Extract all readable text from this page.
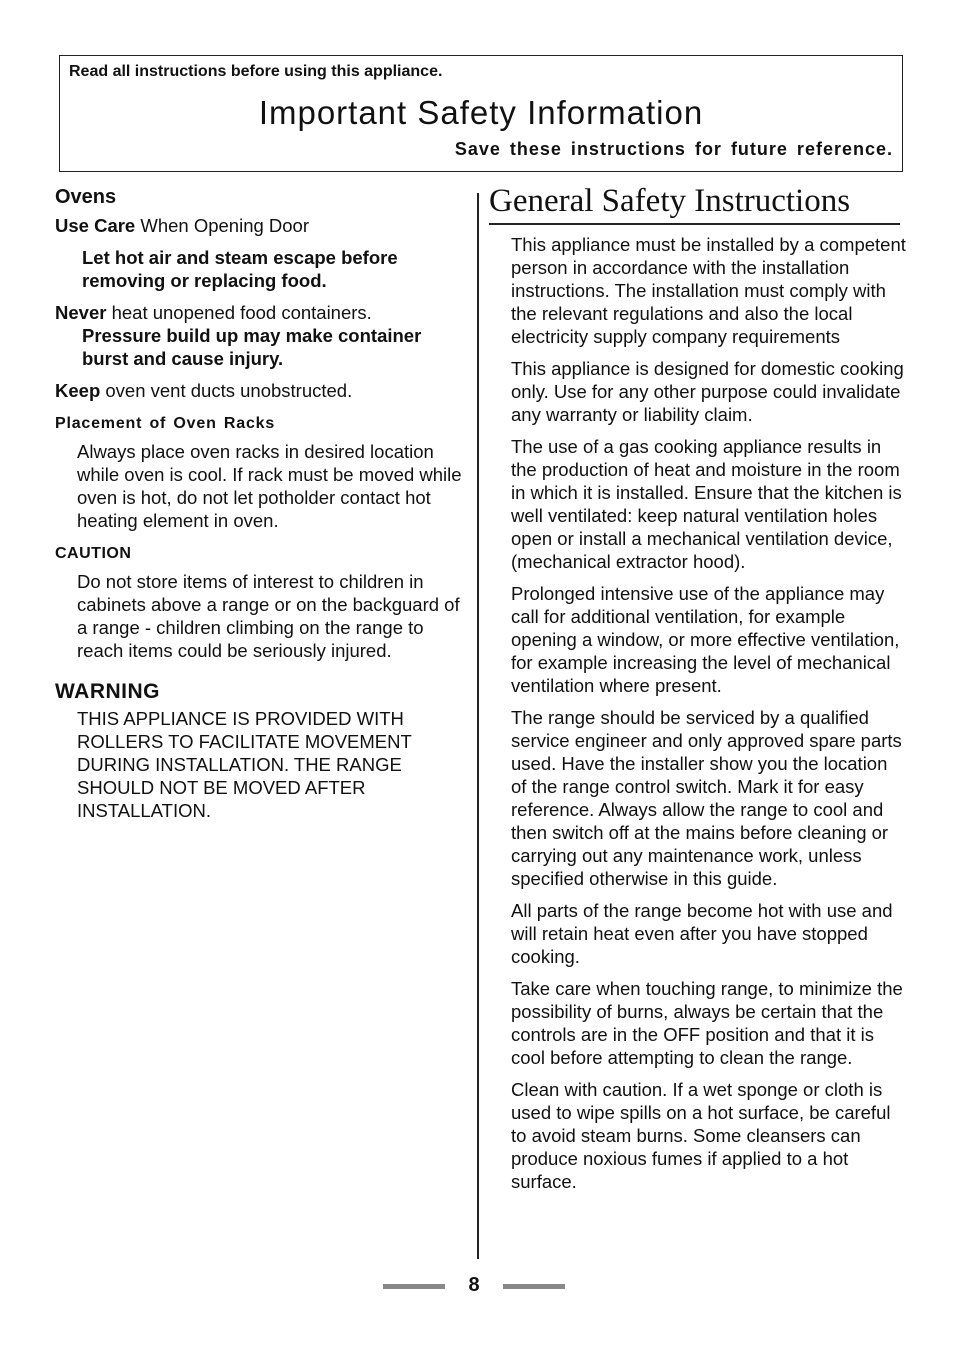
Read all instructions before using this appliance.
Important Safety Information
Save these instructions for future reference.

Ovens

Use Care When Opening Door

Let hot air and steam escape before removing or replacing food.

Never heat unopened food containers.

Pressure build up may make container burst and cause injury.

Keep oven vent ducts unobstructed.

Placement of Oven Racks

Always place oven racks in desired location while oven is cool. If rack must be moved while oven is hot, do not let potholder contact hot heating element in oven.

CAUTION

Do not store items of interest to children in cabinets above a range or on the backguard of a range - children climbing on the range to reach items could be seriously injured.

WARNING

THIS APPLIANCE IS PROVIDED WITH ROLLERS TO FACILITATE MOVEMENT DURING INSTALLATION. THE RANGE SHOULD NOT BE MOVED AFTER INSTALLATION.

General Safety Instructions

This appliance must be installed by a competent person in accordance with the installation instructions. The installation must comply with the relevant regulations and also the local electricity supply company requirements

This appliance is designed for domestic cooking only. Use for any other purpose could invalidate any warranty or liability claim.

The use of a gas cooking appliance results in the production of heat and moisture in the room in which it is installed. Ensure that the kitchen is well ventilated: keep natural ventilation holes open or install a mechanical ventilation device, (mechanical extractor hood).

Prolonged intensive use of the appliance may call for additional ventilation, for example opening a window, or more effective ventilation, for example increasing the level of mechanical ventilation where present.

The range should be serviced by a qualified service engineer and only approved spare parts used. Have the installer show you the location of the range control switch. Mark it for easy reference. Always allow the range to cool and then switch off at the mains before cleaning or carrying out any maintenance work, unless specified otherwise in this guide.

All parts of the range become hot with use and will retain heat even after you have stopped cooking.

Take care when touching range, to minimize the possibility of burns, always be certain that the controls are in the OFF position and that it is cool before attempting to clean the range.

Clean with caution. If a wet sponge or cloth is used to wipe spills on a hot surface, be careful to avoid steam burns. Some cleansers can produce noxious fumes if applied to a hot surface.

8
